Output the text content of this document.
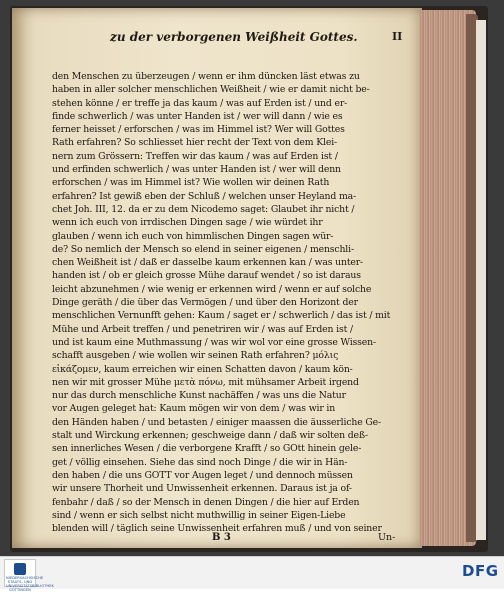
zu der verborgenen Weißheit Gottes.	II
den Menschen zu überzeugen / wenn er ihm düncken läst etwas zu
haben in aller solcher menschlichen Weißheit / wie er damit nicht be-
stehen könne / er treffe ja das kaum / was auf Erden ist / und er-
finde schwerlich / was unter Handen ist / wer will dann / wie es
ferner heisset / erforschen / was im Himmel ist? Wer will Gottes
Rath erfahren? So schliesset hier recht der Text von dem Klei-
nern zum Grössern: Treffen wir das kaum / was auf Erden ist /
und erfinden schwerlich / was unter Handen ist / wer will denn
erforschen / was im Himmel ist? Wie wollen wir deinen Rath
erfahren? Ist gewiß eben der Schluß / welchen unser Heyland ma-
chet Joh. III, 12. da er zu dem Nicodemo saget: Glaubet ihr nicht /
wenn ich euch von irrdischen Dingen sage / wie würdet ihr
glauben / wenn ich euch von himmlischen Dingen sagen wür-
de? So nemlich der Mensch so elend in seiner eigenen / menschli-
chen Weißheit ist / daß er dasselbe kaum erkennen kan / was unter-
handen ist / ob er gleich grosse Mühe darauf wendet / so ist daraus
leicht abzunehmen / wie wenig er erkennen wird / wenn er auf solche
Dinge geräth / die über das Vermögen / und über den Horizont der
menschlichen Vernunfft gehen: Kaum / saget er / schwerlich / das ist / mit
Mühe und Arbeit treffen / und penetriren wir / was auf Erden ist /
und ist kaum eine Muthmassung / was wir wol vor eine grosse Wissen-
schafft ausgeben / wie wollen wir seinen Rath erfahren? μόλις
εἰκάζομεν, kaum erreichen wir einen Schatten davon / kaum kön-
nen wir mit grosser Mühe μετὰ πόνω, mit mühsamer Arbeit irgend
nur das durch menschliche Kunst nachäffen / was uns die Natur
vor Augen geleget hat: Kaum mögen wir von dem / was wir in
den Händen haben / und betasten / einiger maassen die äusserliche Ge-
stalt und Wirckung erkennen; geschweige dann / daß wir solten deß-
sen innerliches Wesen / die verborgene Krafft / so GOtt hinein gele-
get / völlig einsehen. Siehe das sind noch Dinge / die wir in Hän-
den haben / die uns GOTT vor Augen leget / und dennoch müssen
wir unsere Thorheit und Unwissenheit erkennen. Daraus ist ja of-
fenbahr / daß / so der Mensch in denen Dingen / die hier auf Erden
sind / wenn er sich selbst nicht muthwillig in seiner Eigen-Liebe
blenden will / täglich seine Unwissenheit erfahren muß / und von seiner
B 3	Un-
NIEDERSÄCHSISCHE STAATS- UND UNIVERSITÄTSBIBLIOTHEK GÖTTINGEN
DFG
